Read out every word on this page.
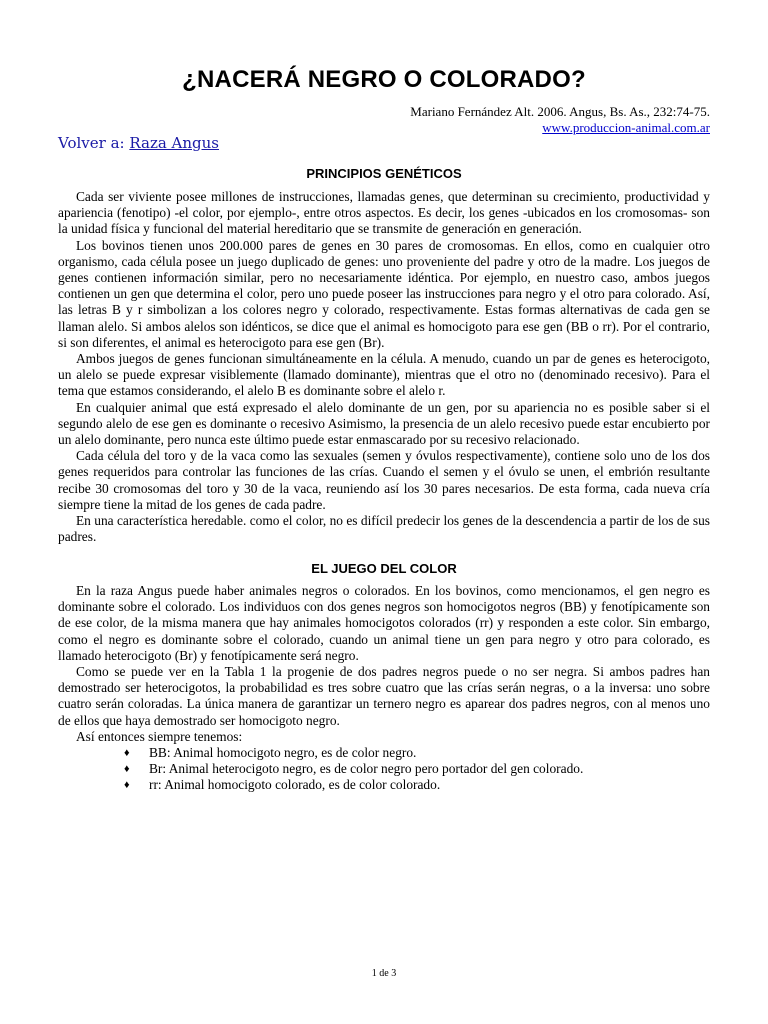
¿NACERÁ NEGRO O COLORADO?
Mariano Fernández Alt. 2006. Angus, Bs. As., 232:74-75.
www.produccion-animal.com.ar
Volver a: Raza Angus
PRINCIPIOS GENÉTICOS

Cada ser viviente posee millones de instrucciones, llamadas genes, que determinan su crecimiento, productividad y apariencia (fenotipo) -el color, por ejemplo-, entre otros aspectos. Es decir, los genes -ubicados en los cromosomas- son la unidad física y funcional del material hereditario que se transmite de generación en generación.

Los bovinos tienen unos 200.000 pares de genes en 30 pares de cromosomas. En ellos, como en cualquier otro organismo, cada célula posee un juego duplicado de genes: uno proveniente del padre y otro de la madre. Los juegos de genes contienen información similar, pero no necesariamente idéntica. Por ejemplo, en nuestro caso, ambos juegos contienen un gen que determina el color, pero uno puede poseer las instrucciones para negro y el otro para colorado. Así, las letras B y r simbolizan a los colores negro y colorado, respectivamente. Estas formas alternativas de cada gen se llaman alelo. Si ambos alelos son idénticos, se dice que el animal es homocigoto para ese gen (BB o rr). Por el contrario, si son diferentes, el animal es heterocigoto para ese gen (Br).

Ambos juegos de genes funcionan simultáneamente en la célula. A menudo, cuando un par de genes es heterocigoto, un alelo se puede expresar visiblemente (llamado dominante), mientras que el otro no (denominado recesivo). Para el tema que estamos considerando, el alelo B es dominante sobre el alelo r.

En cualquier animal que está expresado el alelo dominante de un gen, por su apariencia no es posible saber si el segundo alelo de ese gen es dominante o recesivo Asimismo, la presencia de un alelo recesivo puede estar encubierto por un alelo dominante, pero nunca este último puede estar enmascarado por su recesivo relacionado.

Cada célula del toro y de la vaca como las sexuales (semen y óvulos respectivamente), contiene solo uno de los dos genes requeridos para controlar las funciones de las crías. Cuando el semen y el óvulo se unen, el embrión resultante recibe 30 cromosomas del toro y 30 de la vaca, reuniendo así los 30 pares necesarios. De esta forma, cada nueva cría siempre tiene la mitad de los genes de cada padre.

En una característica heredable. como el color, no es difícil predecir los genes de la descendencia a partir de los de sus padres.

EL JUEGO DEL COLOR

En la raza Angus puede haber animales negros o colorados. En los bovinos, como mencionamos, el gen negro es dominante sobre el colorado. Los individuos con dos genes negros son homocigotos negros (BB) y fenotípicamente son de ese color, de la misma manera que hay animales homocigotos colorados (rr) y responden a este color. Sin embargo, como el negro es dominante sobre el colorado, cuando un animal tiene un gen para negro y otro para colorado, es llamado heterocigoto (Br) y fenotípicamente será negro.

Como se puede ver en la Tabla 1 la progenie de dos padres negros puede o no ser negra. Si ambos padres han demostrado ser heterocigotos, la probabilidad es tres sobre cuatro que las crías serán negras, o a la inversa: uno sobre cuatro serán coloradas. La única manera de garantizar un ternero negro es aparear dos padres negros, con al menos uno de ellos que haya demostrado ser homocigoto negro.

Así entonces siempre tenemos:

♦ BB: Animal homocigoto negro, es de color negro.
♦ Br: Animal heterocigoto negro, es de color negro pero portador del gen colorado.
♦ rr: Animal homocigoto colorado, es de color colorado.
1 de 3
